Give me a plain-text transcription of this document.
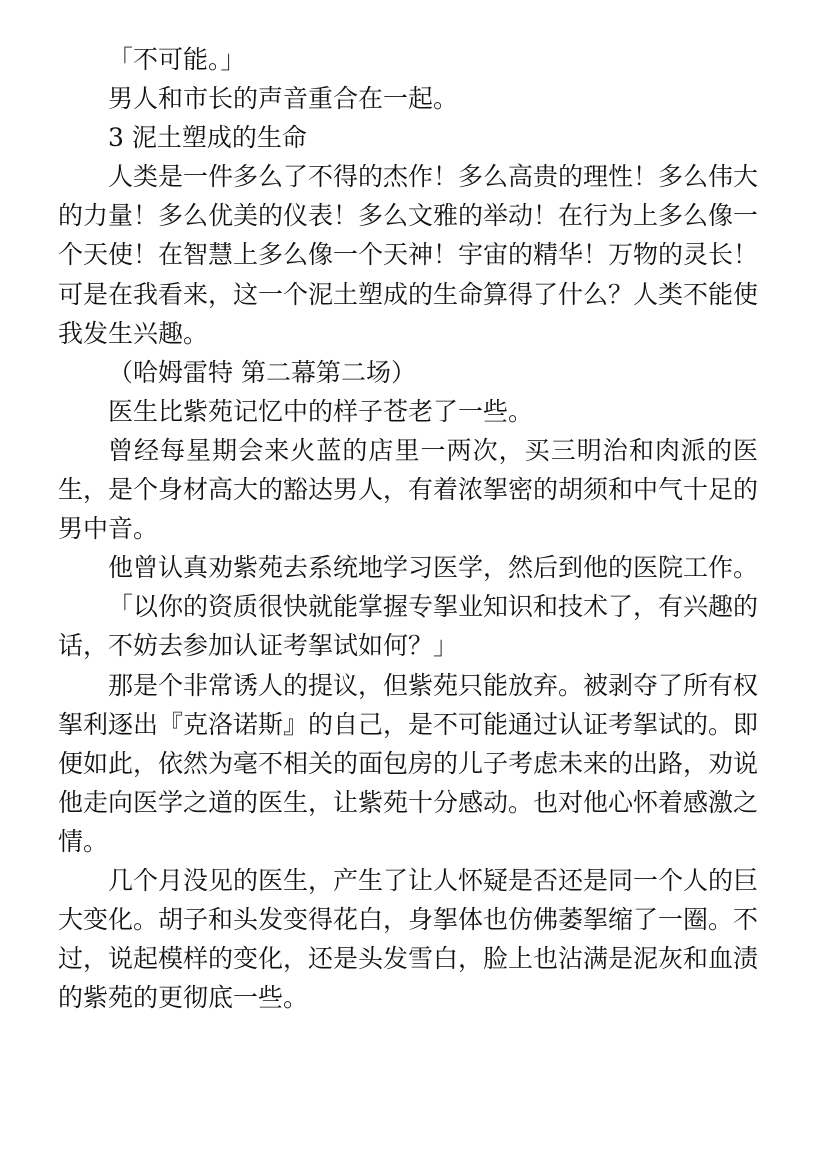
「不可能。」

男人和市长的声音重合在一起。

3 泥土塑成的生命

人类是一件多么了不得的杰作！多么高贵的理性！多么伟大的力量！多么优美的仪表！多么文雅的举动！在行为上多么像一个天使！在智慧上多么像一个天神！宇宙的精华！万物的灵长！可是在我看来，这一个泥土塑成的生命算得了什么？人类不能使我发生兴趣。

（哈姆雷特 第二幕第二场）

医生比紫苑记忆中的样子苍老了一些。

曾经每星期会来火蓝的店里一两次，买三明治和肉派的医生，是个身材高大的豁达男人，有着浓挐密的胡须和中气十足的男中音。

他曾认真劝紫苑去系统地学习医学，然后到他的医院工作。

「以你的资质很快就能掌握专挐业知识和技术了，有兴趣的话，不妨去参加认证考挐试如何？」

那是个非常诱人的提议，但紫苑只能放弃。被剥夺了所有权挐利逐出『克洛诺斯』的自己，是不可能通过认证考挐试的。即便如此，依然为毫不相关的面包房的儿子考虑未来的出路，劝说他走向医学之道的医生，让紫苑十分感动。也对他心怀着感激之情。

几个月没见的医生，产生了让人怀疑是否还是同一个人的巨大变化。胡子和头发变得花白，身挐体也仿佛萎挐缩了一圈。不过，说起模样的变化，还是头发雪白，脸上也沾满是泥灰和血渍的紫苑的更彻底一些。
